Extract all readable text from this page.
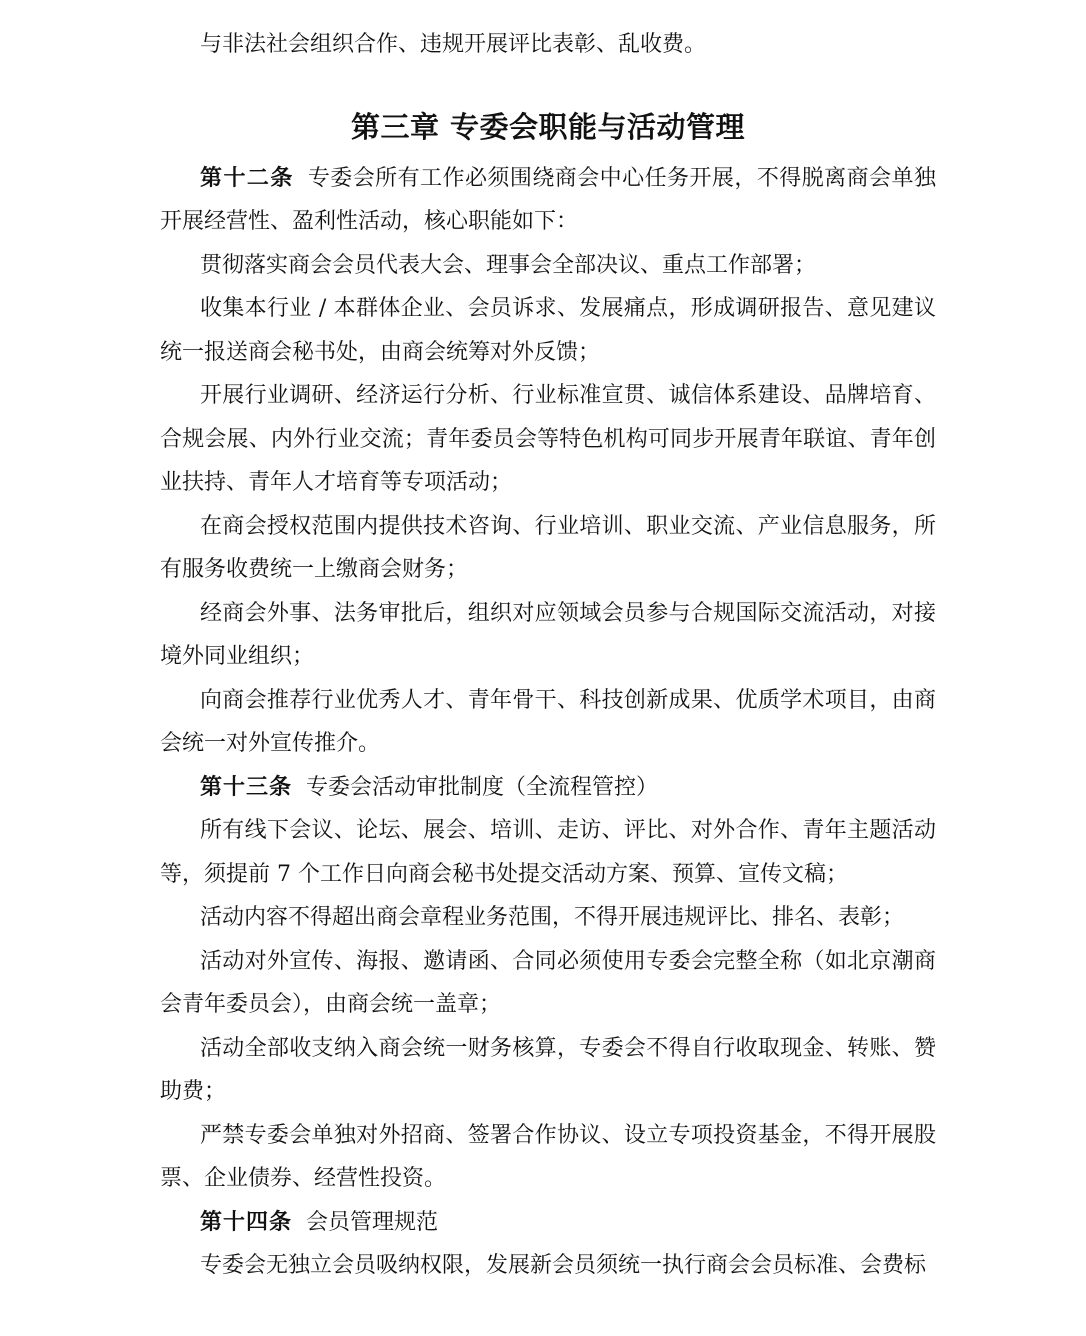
与非法社会组织合作、违规开展评比表彰、乱收费。

第三章 专委会职能与活动管理

第十二条 专委会所有工作必须围绕商会中心任务开展，不得脱离商会单独开展经营性、盈利性活动，核心职能如下：

贯彻落实商会会员代表大会、理事会全部决议、重点工作部署；

收集本行业 / 本群体企业、会员诉求、发展痛点，形成调研报告、意见建议统一报送商会秘书处，由商会统筹对外反馈；

开展行业调研、经济运行分析、行业标准宣贯、诚信体系建设、品牌培育、合规会展、内外行业交流；青年委员会等特色机构可同步开展青年联谊、青年创业扶持、青年人才培育等专项活动；

在商会授权范围内提供技术咨询、行业培训、职业交流、产业信息服务，所有服务收费统一上缴商会财务；

经商会外事、法务审批后，组织对应领域会员参与合规国际交流活动，对接境外同业组织；

向商会推荐行业优秀人才、青年骨干、科技创新成果、优质学术项目，由商会统一对外宣传推介。

第十三条 专委会活动审批制度（全流程管控）

所有线下会议、论坛、展会、培训、走访、评比、对外合作、青年主题活动等，须提前 7 个工作日向商会秘书处提交活动方案、预算、宣传文稿；

活动内容不得超出商会章程业务范围，不得开展违规评比、排名、表彰；

活动对外宣传、海报、邀请函、合同必须使用专委会完整全称（如北京潮商会青年委员会），由商会统一盖章；

活动全部收支纳入商会统一财务核算，专委会不得自行收取现金、转账、赞助费；

严禁专委会单独对外招商、签署合作协议、设立专项投资基金，不得开展股票、企业债券、经营性投资。

第十四条 会员管理规范

专委会无独立会员吸纳权限，发展新会员须统一执行商会会员标准、会费标
